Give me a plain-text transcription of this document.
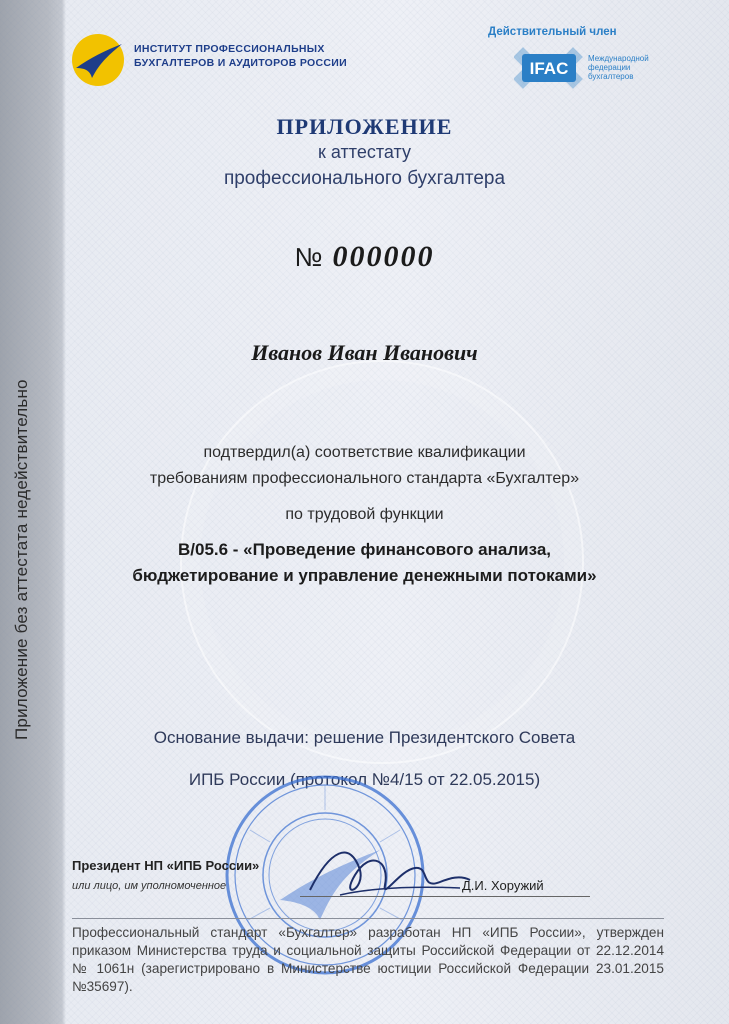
Приложение без аттестата недействительно
ИНСТИТУТ ПРОФЕССИОНАЛЬНЫХ
БУХГАЛТЕРОВ И АУДИТОРОВ РОССИИ
Действительный член
IFAC
Международной
федерации
бухгалтеров
ПРИЛОЖЕНИЕ
к аттестату
профессионального бухгалтера
№ 000000
Иванов Иван Иванович
подтвердил(а) соответствие квалификации
требованиям профессионального стандарта «Бухгалтер»
по трудовой функции
B/05.6 - «Проведение финансового анализа,
бюджетирование и управление денежными потоками»
Основание выдачи: решение Президентского Совета
ИПБ России (протокол №4/15 от 22.05.2015)
Президент НП «ИПБ России»
или лицо, им уполномоченное	Д.И. Хоружий
Профессиональный стандарт «Бухгалтер» разработан НП «ИПБ России», утвержден приказом Министерства труда и социальной защиты Российской Федерации от 22.12.2014 № 1061н (зарегистрировано в Министерстве юстиции Российской Федерации 23.01.2015 №35697).
